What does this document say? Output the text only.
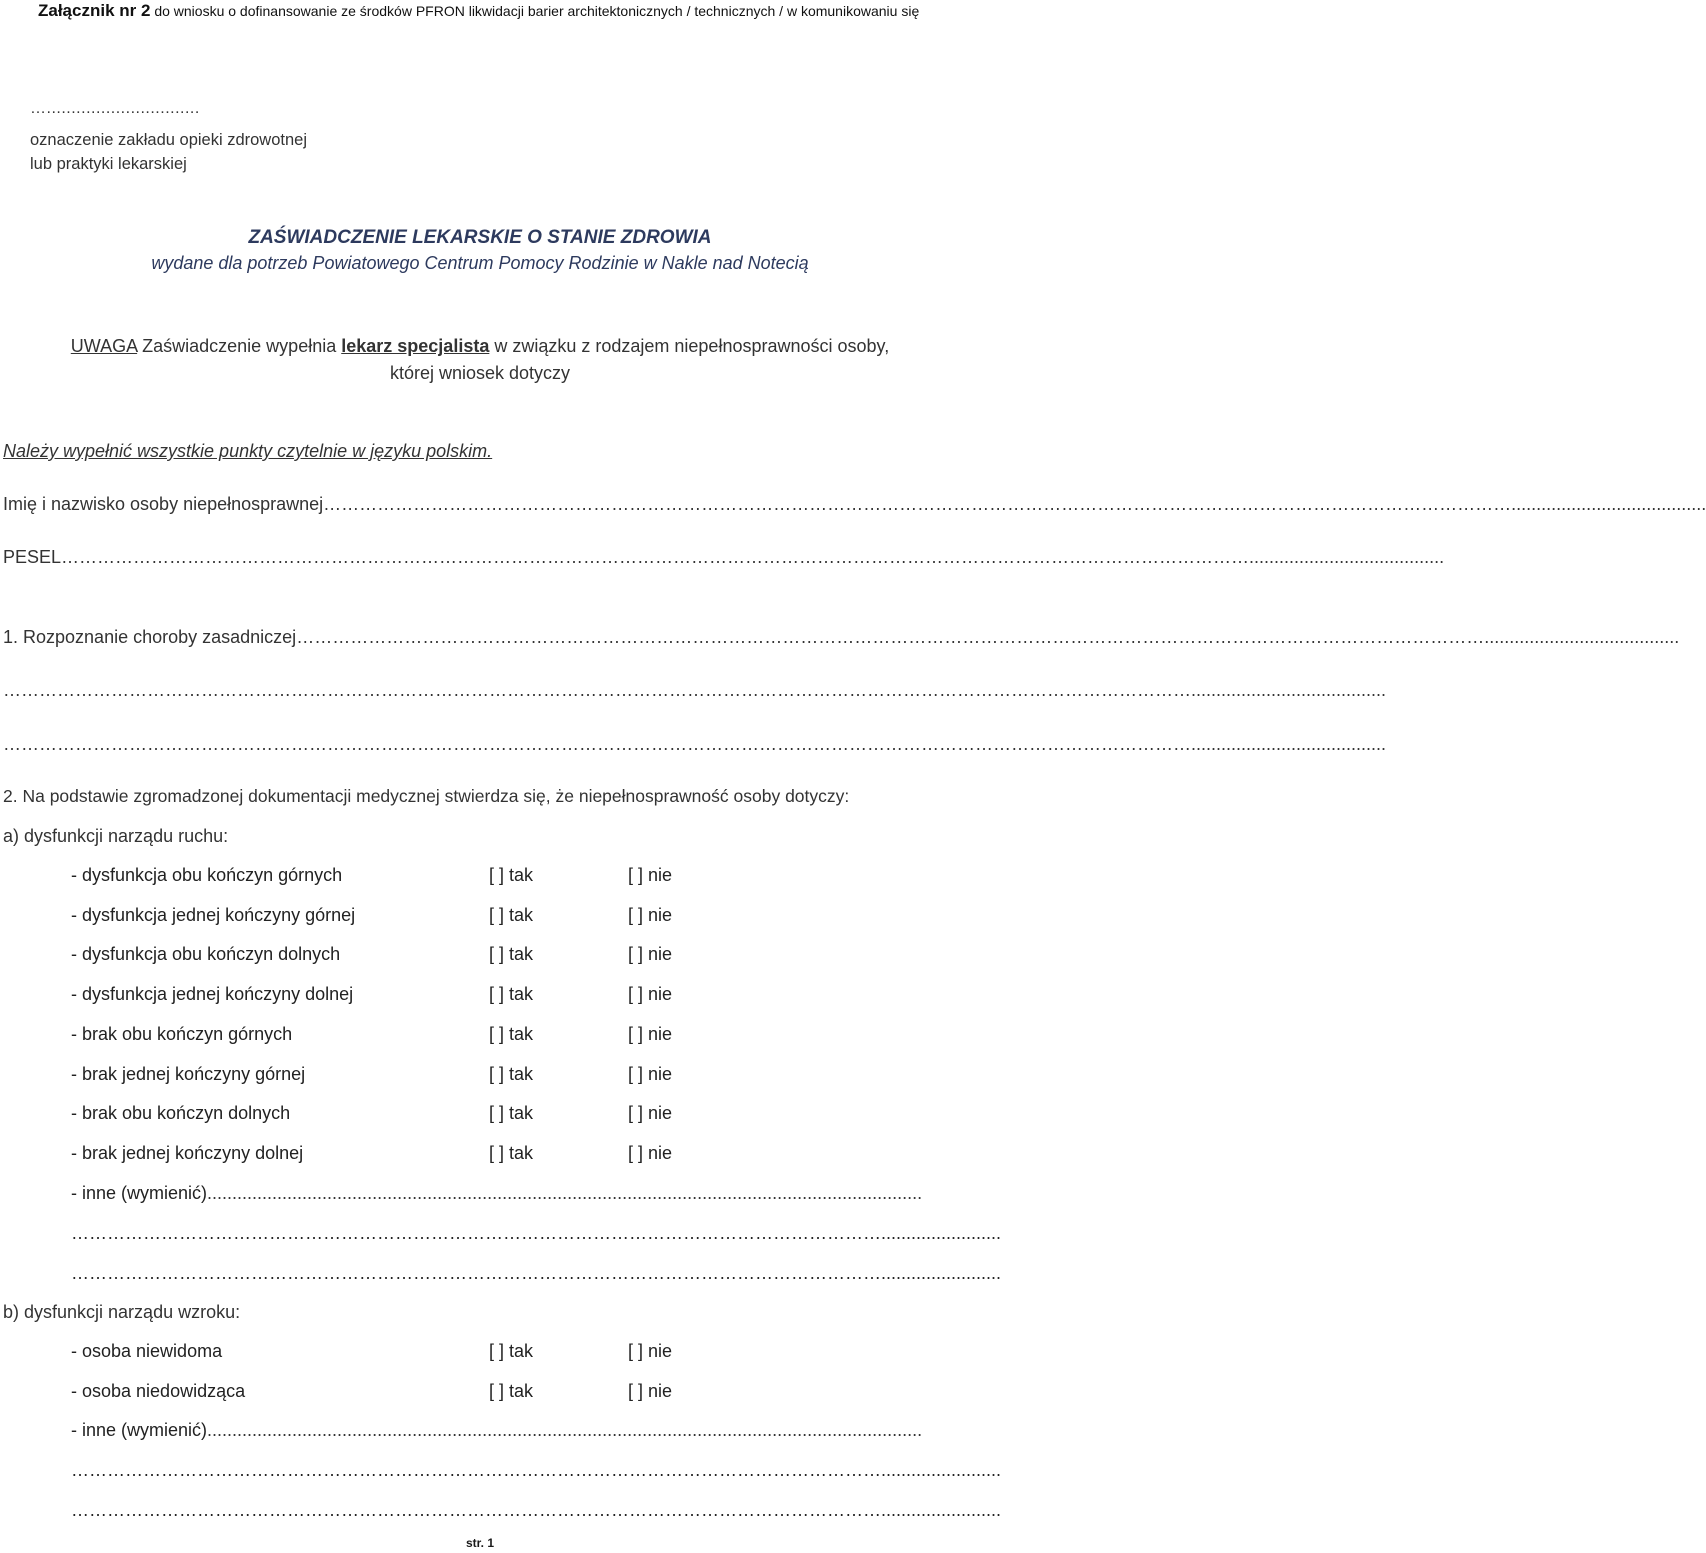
Załącznik nr 2 do wniosku o dofinansowanie ze środków PFRON likwidacji barier architektonicznych / technicznych / w komunikowaniu się
…...............................
oznaczenie zakładu opieki zdrowotnej
lub praktyki lekarskiej
ZAŚWIADCZENIE LEKARSKIE O STANIE ZDROWIA
wydane dla potrzeb Powiatowego Centrum Pomocy Rodzinie w Nakle nad Notecią
UWAGA Zaświadczenie wypełnia lekarz specjalista w związku z rodzajem niepełnosprawności osoby,
której wniosek dotyczy
Należy wypełnić wszystkie punkty czytelnie w języku polskim.
Imię i nazwisko osoby niepełnosprawnej ……………………………………………………………………………………………………………………………………………………………………………….......................................
PESEL ……………………………………………………………………………………………………………………………………………………………………………….......................................
1. Rozpoznanie choroby zasadniczej ……………………………………………………………………………………………………………………………………………………………………………….......................................
……………………………………………………………………………………………………………………………………………………………………………….......................................
……………………………………………………………………………………………………………………………………………………………………………….......................................
2. Na podstawie zgromadzonej dokumentacji medycznej stwierdza się, że niepełnosprawność osoby dotyczy:
a) dysfunkcji narządu ruchu:
- dysfunkcja obu kończyn górnych	[ ] tak	[ ] nie
- dysfunkcja jednej kończyny górnej	[ ] tak	[ ] nie
- dysfunkcja obu kończyn dolnych	[ ] tak	[ ] nie
- dysfunkcja jednej kończyny dolnej	[ ] tak	[ ] nie
- brak obu kończyn górnych	[ ] tak	[ ] nie
- brak jednej kończyny górnej	[ ] tak	[ ] nie
- brak obu kończyn dolnych	[ ] tak	[ ] nie
- brak jednej kończyny dolnej	[ ] tak	[ ] nie
- inne (wymienić) ...............................................................................................................................................
………………………………………………………………………………………………………………………........................
………………………………………………………………………………………………………………………........................
b) dysfunkcji narządu wzroku:
- osoba niewidoma	[ ] tak	[ ] nie
- osoba niedowidząca	[ ] tak	[ ] nie
- inne (wymienić) ...............................................................................................................................................
………………………………………………………………………………………………………………………........................
………………………………………………………………………………………………………………………........................
str. 1
